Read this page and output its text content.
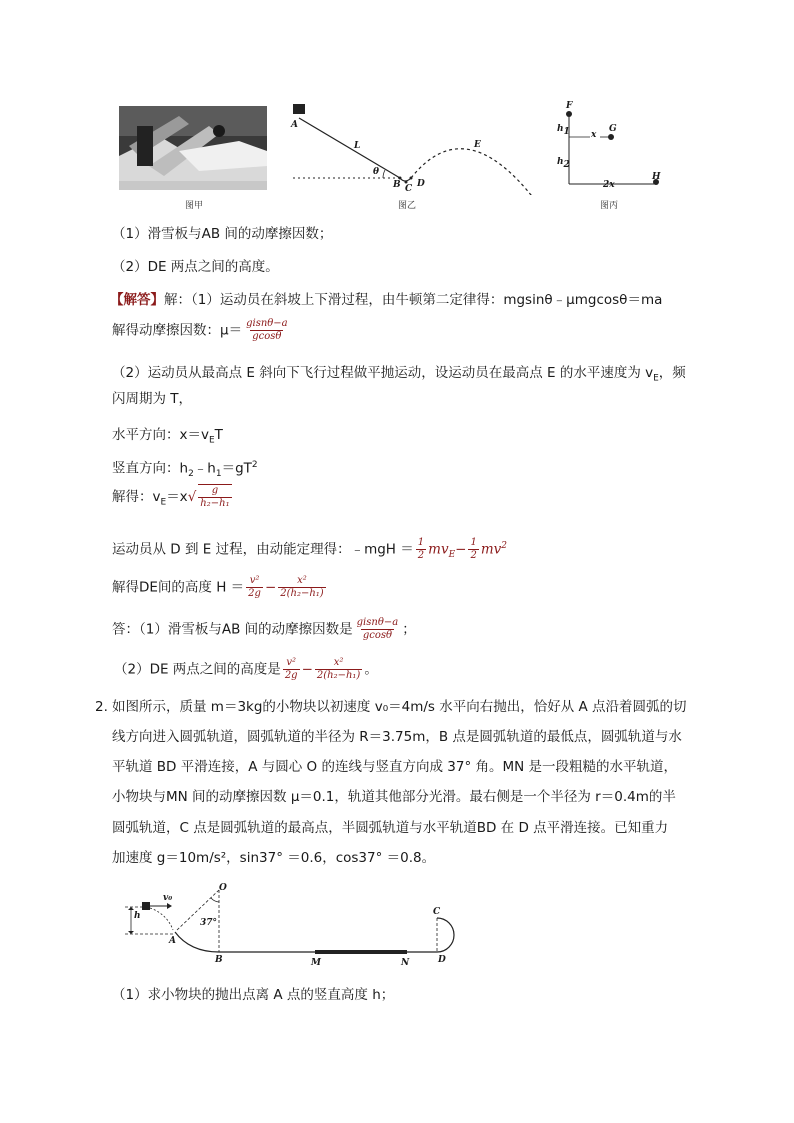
图甲
A
L
θ
B C D
E
图乙
F
G
H
$h_1$
$h_2$
x
2x
图丙
（1）滑雪板与AB 间的动摩擦因数；
（2）DE 两点之间的高度。
【解答】解：（1）运动员在斜坡上下滑过程，由牛顿第二定律得：mgsinθ﹣μmgcosθ＝ma
解得动摩擦因数：$\mu= \frac{\text{gisnθ−a}}{gcos\theta}$
（2）运动员从最高点 E 斜向下飞行过程做平抛运动，设运动员在最高点 E 的水平速度为 $v_E$，频
闪周期为 T，
水平方向：$x=v_ET$
竖直方向：$h_2﹣h_1=gT^2$
解得：$v_E=x√ \frac{g}{\text{h₂−h₁}}$
运动员从 D 到 E 过程，由动能定理得：﹣mgH ＝ $\frac{1}{2} mv_E- \frac{1}{2} mv^2$
解得DE间的高度 $H = \frac{\text{v²}}{2g} - \frac{\text{x²}}{\text{2(h₂−h₁)}}$
答：（1）滑雪板与AB 间的动摩擦因数是 $\frac{\text{gisnθ−a}}{gcos\theta}$ ；
（2）DE 两点之间的高度是 $\frac{\text{v²}}{2g} - \frac{\text{x²}}{\text{2(h₂−h₁)}}$ 。
2. 如图所示，质量 m＝3kg的小物块以初速度 v₀＝4m/s 水平向右抛出，恰好从 A 点沿着圆弧的切
线方向进入圆弧轨道，圆弧轨道的半径为 R＝3.75m，B 点是圆弧轨道的最低点，圆弧轨道与水
平轨道 BD 平滑连接，A 与圆心 O 的连线与竖直方向成 37° 角。MN 是一段粗糙的水平轨道，
小物块与MN 间的动摩擦因数 μ＝0.1，轨道其他部分光滑。最右侧是一个半径为 r＝0.4m的半
圆弧轨道，C 点是圆弧轨道的最高点，半圆弧轨道与水平轨道BD 在 D 点平滑连接。已知重力
加速度 g＝10m/s²，sin37° ＝0.6，cos37° ＝0.8。
h
v₀
O
37°
A
B	M	N
C
D
（1）求小物块的抛出点离 A 点的竖直高度 h；
